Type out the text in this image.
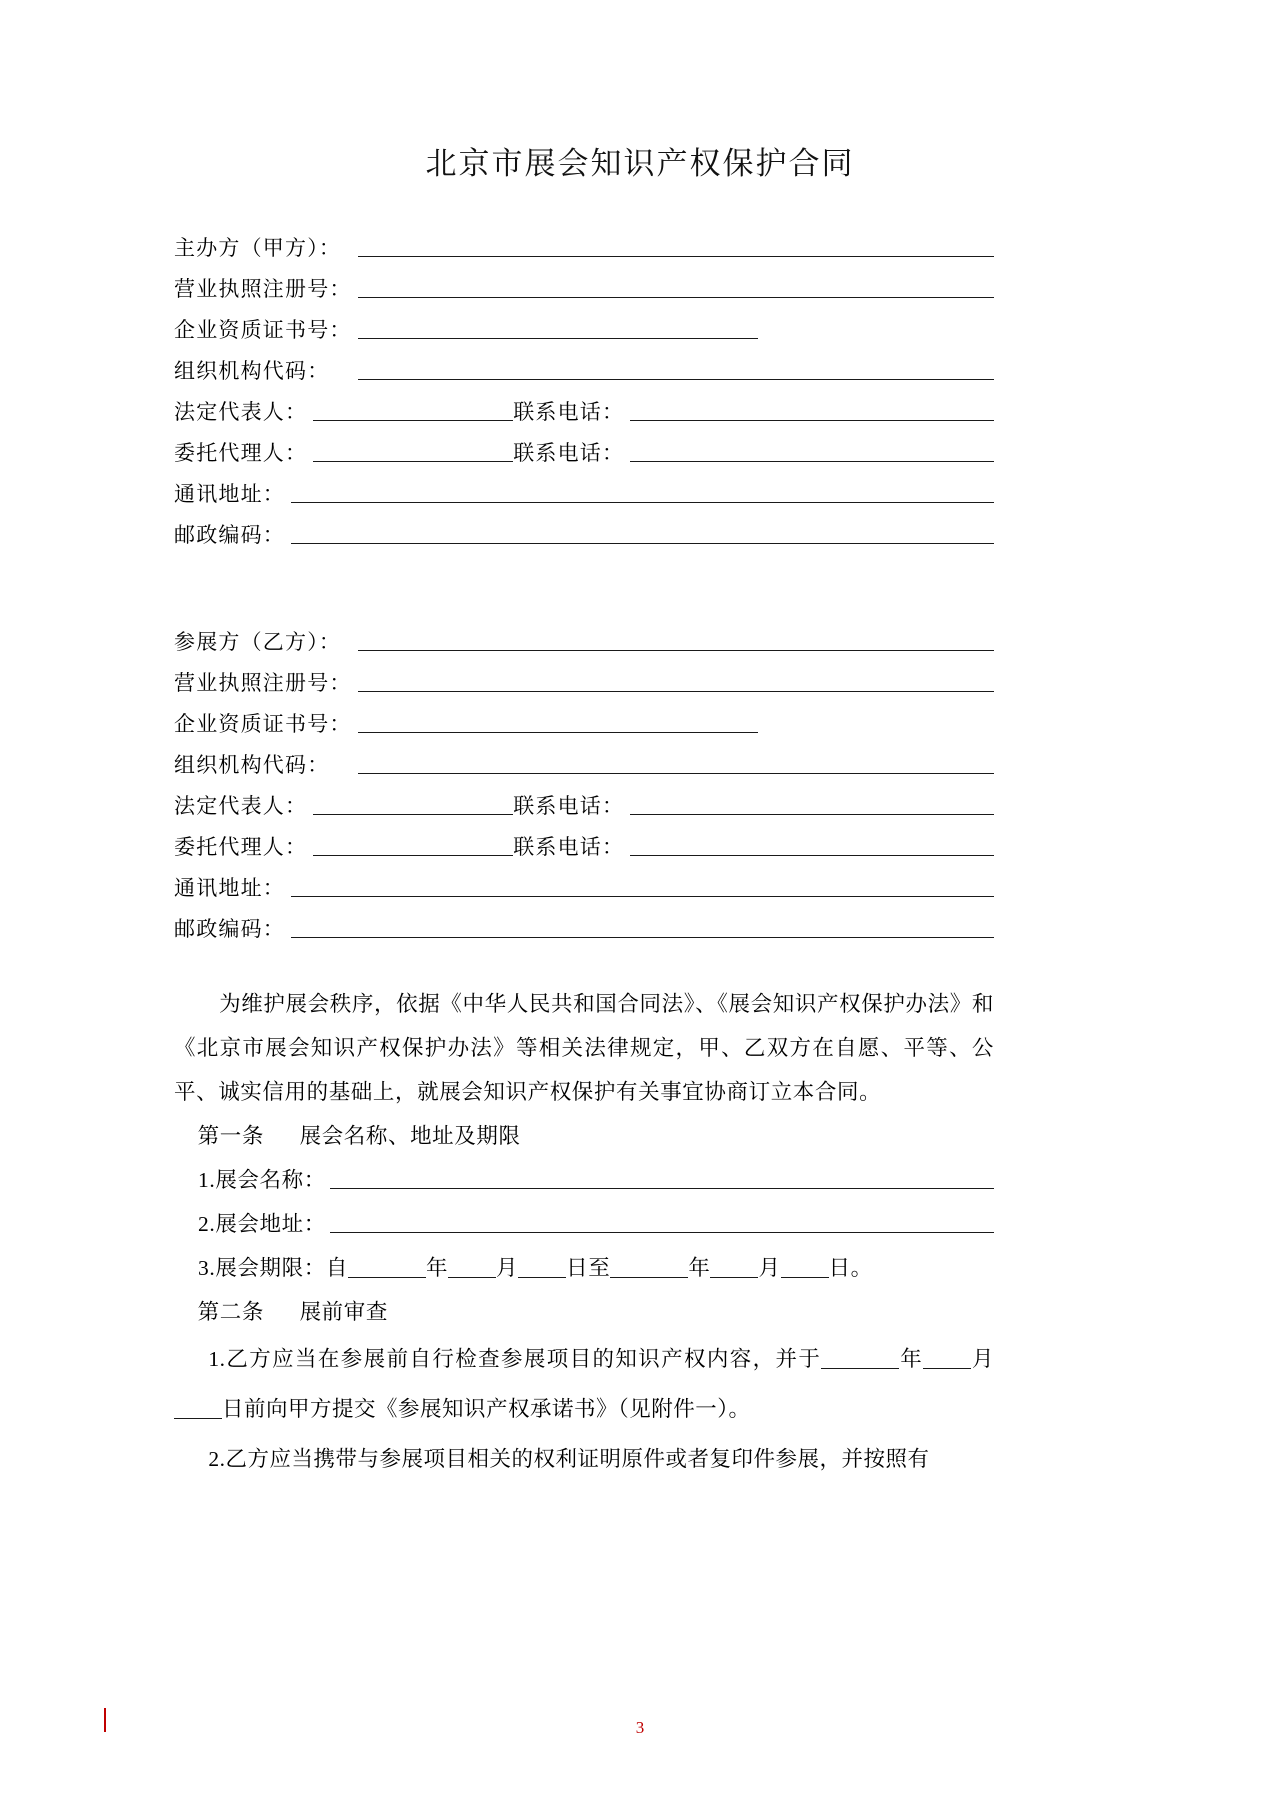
北京市展会知识产权保护合同
主办方（甲方）：
营业执照注册号：
企业资质证书号：
组织机构代码：
法定代表人：	联系电话：
委托代理人：	联系电话：
通讯地址：
邮政编码：
参展方（乙方）：
营业执照注册号：
企业资质证书号：
组织机构代码：
法定代表人：	联系电话：
委托代理人：	联系电话：
通讯地址：
邮政编码：

为维护展会秩序，依据《中华人民共和国合同法》、《展会知识产权保护办法》和《北京市展会知识产权保护办法》等相关法律规定，甲、乙双方在自愿、平等、公平、诚实信用的基础上，就展会知识产权保护有关事宜协商订立本合同。

第一条 展会名称、地址及期限
1.展会名称：
2.展会地址：
3.展会期限：自	年 月 日至	年 月 日。
第二条 展前审查
1.乙方应当在参展前自行检查参展项目的知识产权内容，并于	年 月日前向甲方提交《参展知识产权承诺书》（见附件一）。
2.乙方应当携带与参展项目相关的权利证明原件或者复印件参展，并按照有
3
